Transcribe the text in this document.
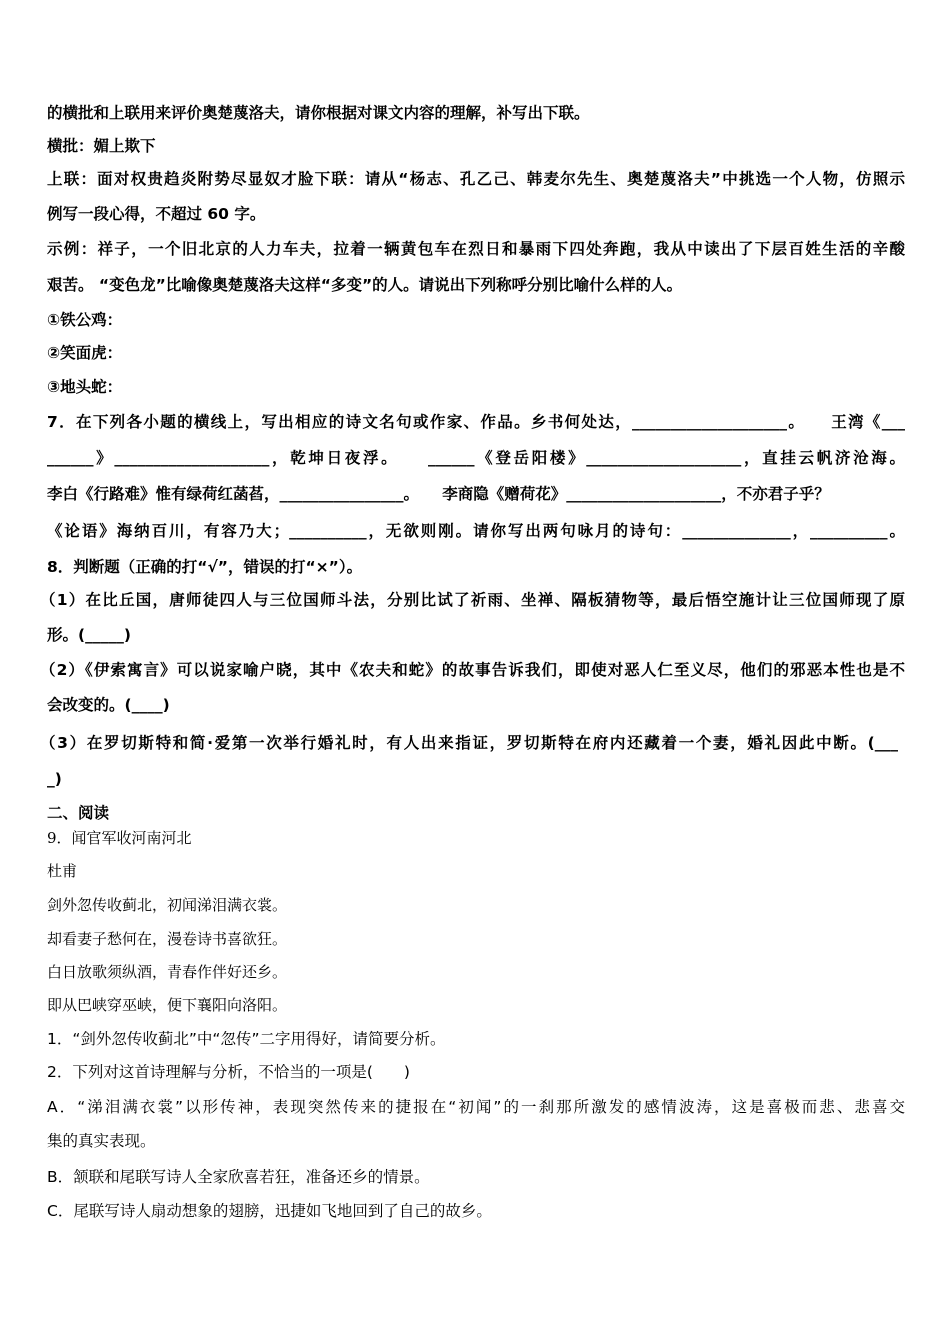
的横批和上联用来评价奥楚蔑洛夫，请你根据对课文内容的理解，补写出下联。
横批：媚上欺下
上联：面对权贵趋炎附势尽显奴才脸下联：请从“杨志、孔乙己、韩麦尔先生、奥楚蔑洛夫”中挑选一个人物，仿照示
例写一段心得，不超过 60 字。
示例：祥子，一个旧北京的人力车夫，拉着一辆黄包车在烈日和暴雨下四处奔跑，我从中读出了下层百姓生活的辛酸
艰苦。 “变色龙”比喻像奥楚蔑洛夫这样“多变”的人。请说出下列称呼分别比喻什么样的人。
①铁公鸡：
②笑面虎：
③地头蛇：
7．在下列各小题的横线上，写出相应的诗文名句或作家、作品。乡书何处达，____________________。　　王湾《___
______》____________________，乾坤日夜浮。　　______《登岳阳楼》____________________，直挂云帆济沧海。
李白《行路难》惟有绿荷红菡萏，________________。　　李商隐《赠荷花》____________________，不亦君子乎？
《论语》海纳百川，有容乃大；__________，无欲则刚。请你写出两句咏月的诗句：______________，__________。
8．判断题（正确的打“√”，错误的打“×”）。
（1）在比丘国，唐师徒四人与三位国师斗法，分别比试了祈雨、坐禅、隔板猜物等，最后悟空施计让三位国师现了原
形。(_____)
（2）《伊索寓言》可以说家喻户晓，其中《农夫和蛇》的故事告诉我们，即使对恶人仁至义尽，他们的邪恶本性也是不
会改变的。(____)
（3）在罗切斯特和简·爱第一次举行婚礼时，有人出来指证，罗切斯特在府内还藏着一个妻，婚礼因此中断。(___
_)
二、阅读
9．闻官军收河南河北
杜甫
剑外忽传收蓟北，初闻涕泪满衣裳。
却看妻子愁何在，漫卷诗书喜欲狂。
白日放歌须纵酒，青春作伴好还乡。
即从巴峡穿巫峡，便下襄阳向洛阳。
1．“剑外忽传收蓟北”中“忽传”二字用得好，请简要分析。
2．下列对这首诗理解与分析，不恰当的一项是(　　)
A．“涕泪满衣裳”以形传神，表现突然传来的捷报在“初闻”的一刹那所激发的感情波涛，这是喜极而悲、悲喜交
集的真实表现。
B．颔联和尾联写诗人全家欣喜若狂，准备还乡的情景。
C．尾联写诗人扇动想象的翅膀，迅捷如飞地回到了自己的故乡。
